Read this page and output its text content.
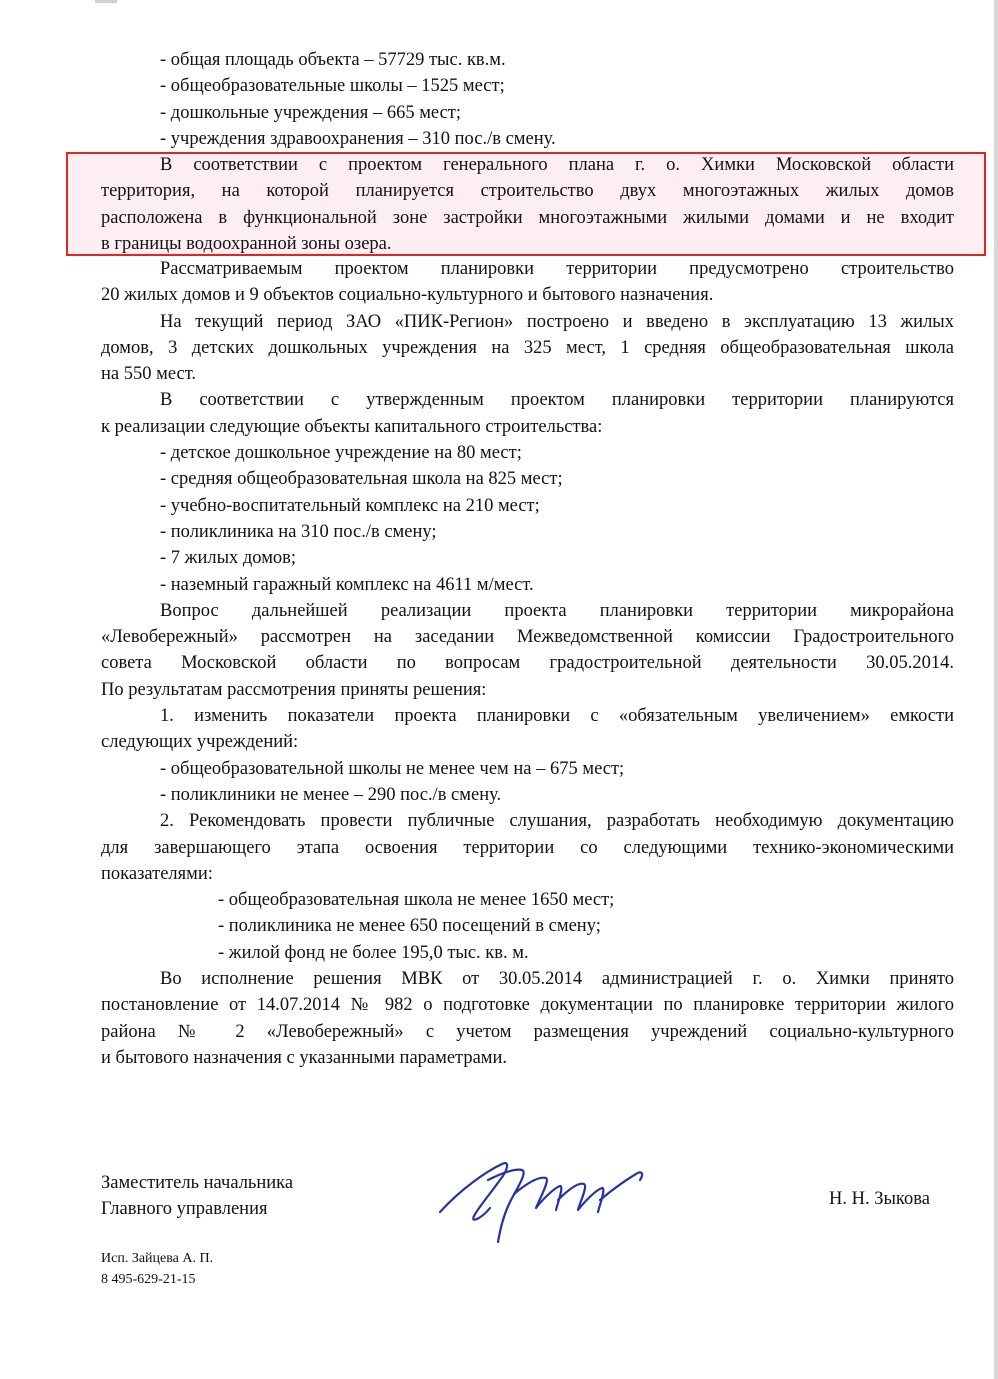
- общая площадь объекта – 57729 тыс. кв.м.
- общеобразовательные школы – 1525 мест;
- дошкольные учреждения – 665 мест;
- учреждения здравоохранения – 310 пос./в смену.
В соответствии с проектом генерального плана г. о. Химки Московской области
территория, на которой планируется строительство двух многоэтажных жилых домов
расположена в функциональной зоне застройки многоэтажными жилыми домами и не входит
в границы водоохранной зоны озера.
Рассматриваемым проектом планировки территории предусмотрено строительство
20 жилых домов и 9 объектов социально-культурного и бытового назначения.
На текущий период ЗАО «ПИК-Регион» построено и введено в эксплуатацию 13 жилых
домов, 3 детских дошкольных учреждения на 325 мест, 1 средняя общеобразовательная школа
на 550 мест.
В соответствии с утвержденным проектом планировки территории планируются
к реализации следующие объекты капитального строительства:
- детское дошкольное учреждение на 80 мест;
- средняя общеобразовательная школа на 825 мест;
- учебно-воспитательный комплекс на 210 мест;
- поликлиника на 310 пос./в смену;
- 7 жилых домов;
- наземный гаражный комплекс на 4611 м/мест.
Вопрос дальнейшей реализации проекта планировки территории микрорайона
«Левобережный» рассмотрен на заседании Межведомственной комиссии Градостроительного
совета Московской области по вопросам градостроительной деятельности 30.05.2014.
По результатам рассмотрения приняты решения:
1. изменить показатели проекта планировки с «обязательным увеличением» емкости
следующих учреждений:
- общеобразовательной школы не менее чем на – 675 мест;
- поликлиники не менее – 290 пос./в смену.
2. Рекомендовать провести публичные слушания, разработать необходимую документацию
для завершающего этапа освоения территории со следующими технико-экономическими
показателями:
- общеобразовательная школа не менее 1650 мест;
- поликлиника не менее 650 посещений в смену;
- жилой фонд не более 195,0 тыс. кв. м.
Во исполнение решения МВК от 30.05.2014 администрацией г. о. Химки принято
постановление от 14.07.2014 № 982 о подготовке документации по планировке территории жилого
района № 2 «Левобережный» с учетом размещения учреждений социально-культурного
и бытового назначения с указанными параметрами.
Заместитель начальника
Главного управления	Н. Н. Зыкова
Исп. Зайцева А. П.
8 495-629-21-15
